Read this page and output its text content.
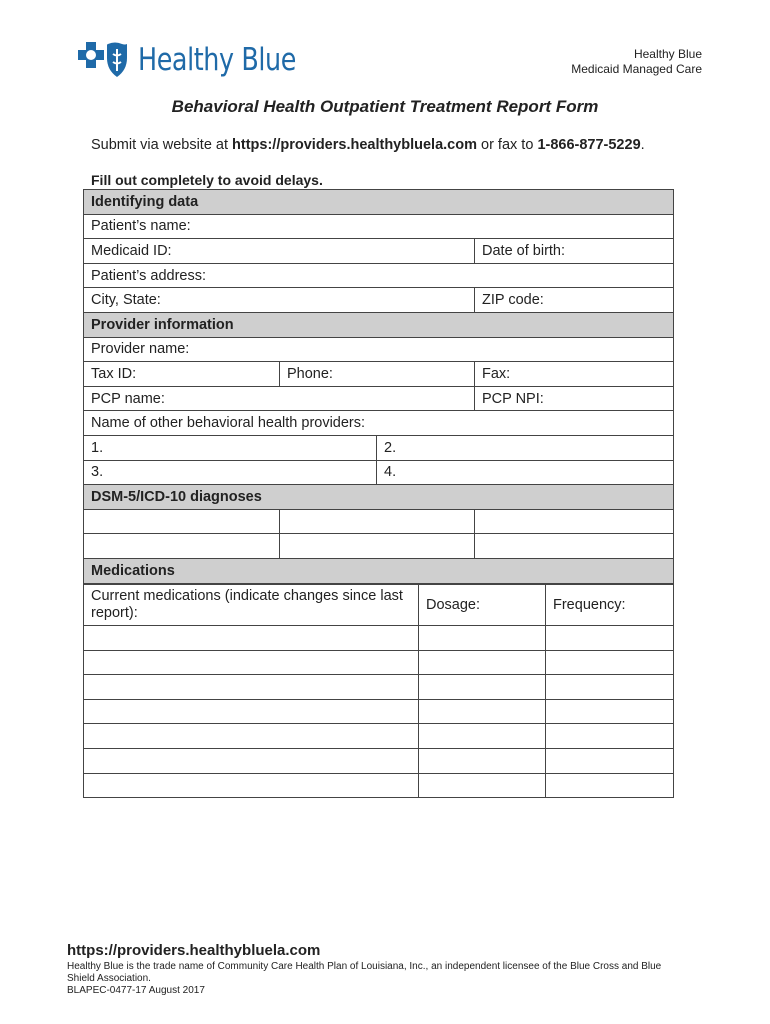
Healthy Blue	Healthy Blue
Medicaid Managed Care
Behavioral Health Outpatient Treatment Report Form
Submit via website at https://providers.healthybluela.com or fax to 1-866-877-5229.
Fill out completely to avoid delays.
Identifying data			
Patient’s name:			
Medicaid ID:			Date of birth:
Patient’s address:			
City, State:			ZIP code:
Provider information			
Provider name:			
Tax ID:	Phone:		Fax:
PCP name:			PCP NPI:
Name of other behavioral health providers:			
1.		2.	
3.		4.	
DSM-5/ICD-10 diagnoses			

Medications			
Current medications (indicate changes since last report):	Dosage:	Frequency:

https://providers.healthybluela.com
Healthy Blue is the trade name of Community Care Health Plan of Louisiana, Inc., an independent licensee of the Blue Cross and Blue Shield Association.
BLAPEC-0477-17 August 2017
